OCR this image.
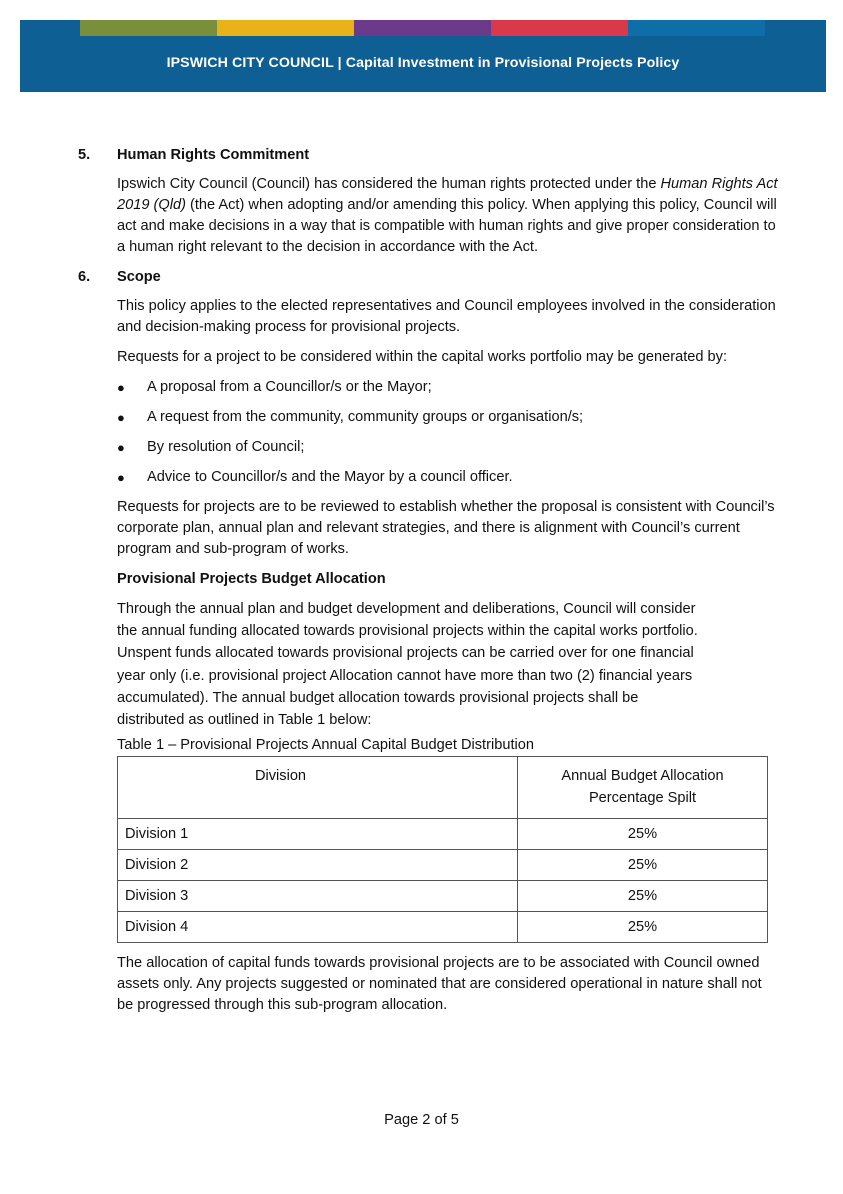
IPSWICH CITY COUNCIL | Capital Investment in Provisional Projects Policy
5.	Human Rights Commitment

Ipswich City Council (Council) has considered the human rights protected under the Human Rights Act 2019 (Qld) (the Act) when adopting and/or amending this policy. When applying this policy, Council will act and make decisions in a way that is compatible with human rights and give proper consideration to a human right relevant to the decision in accordance with the Act.

6.	Scope

This policy applies to the elected representatives and Council employees involved in the consideration and decision-making process for provisional projects.

Requests for a project to be considered within the capital works portfolio may be generated by:

●	A proposal from a Councillor/s or the Mayor;
●	A request from the community, community groups or organisation/s;
●	By resolution of Council;
●	Advice to Councillor/s and the Mayor by a council officer.

Requests for projects are to be reviewed to establish whether the proposal is consistent with Council’s corporate plan, annual plan and relevant strategies, and there is alignment with Council’s current program and sub-program of works.

Provisional Projects Budget Allocation

Through the annual plan and budget development and deliberations, Council will consider the annual funding allocated towards provisional projects within the capital works portfolio. Unspent funds allocated towards provisional projects can be carried over for one financial year only (i.e. provisional project Allocation cannot have more than two (2) financial years accumulated). The annual budget allocation towards provisional projects shall be distributed as outlined in Table 1 below:

Table 1 – Provisional Projects Annual Capital Budget Distribution
Division	Annual Budget Allocation
Percentage Spilt
Division 1	25%
Division 2	25%
Division 3	25%
Division 4	25%

The allocation of capital funds towards provisional projects are to be associated with Council owned assets only. Any projects suggested or nominated that are considered operational in nature shall not be progressed through this sub-program allocation.

Page 2 of 5
